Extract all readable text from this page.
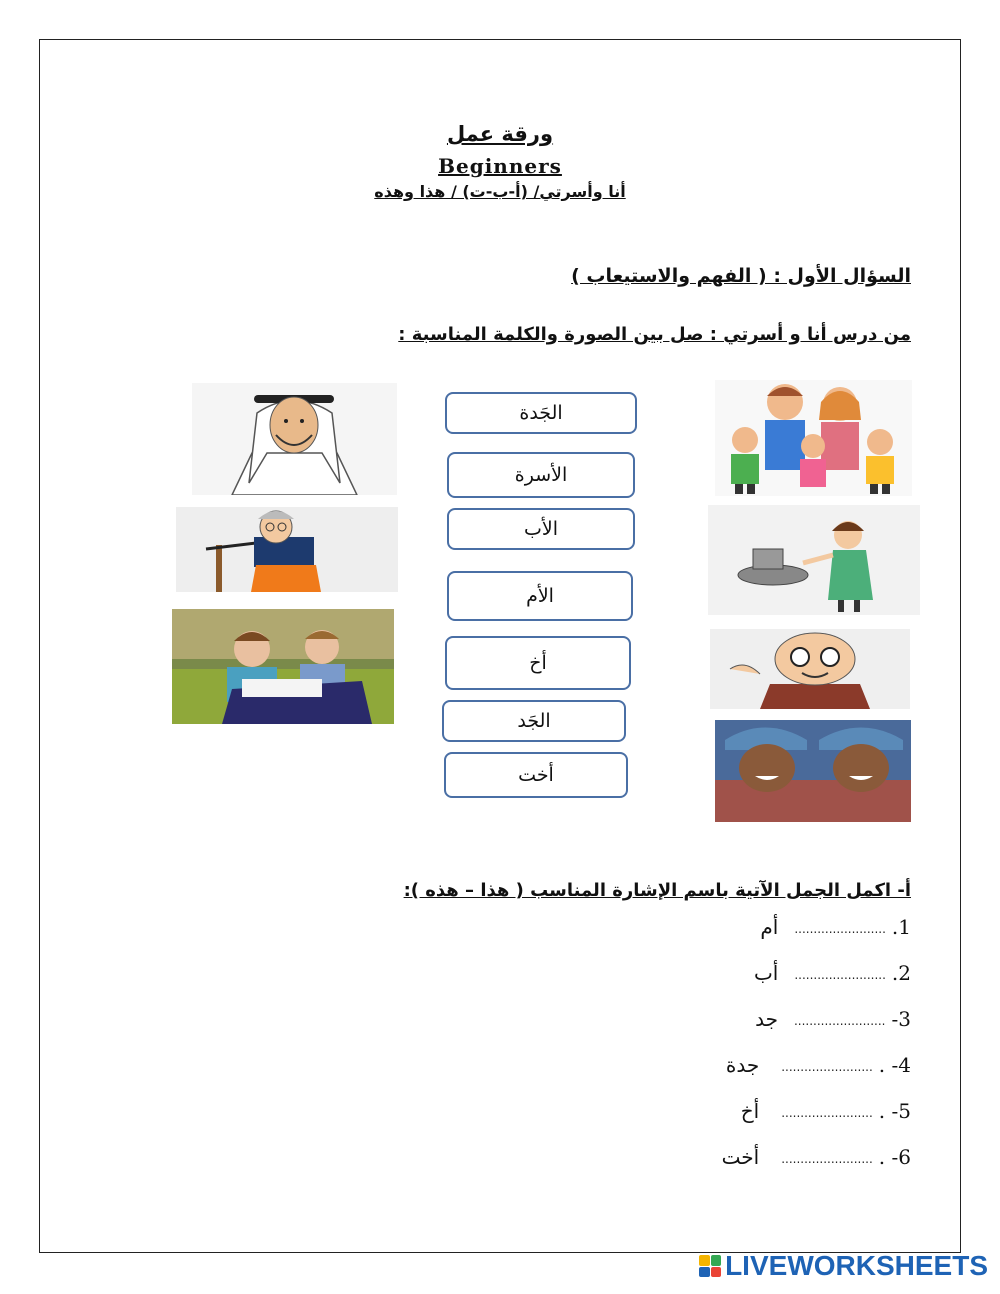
ورقة عمل
Beginners
أنا وأسرتي/ (أ-ب-ت) / هذا وهذه
السؤال الأول : ( الفهم والاستيعاب )
من درس أنا و أسرتي : صل بين الصورة والكلمة المناسبة :
الجَدة
الأسرة
الأب
الأم
أخ
الجَد
أخت
أ- اكمل الجمل الآتية باسم الإشارة المناسب ( هذا – هذه ):
1.........................أم
2.........................أب
3-........................جد
4- .........................جدة
5- .........................أخ
6- .........................أخت
LIVEWORKSHEETS
